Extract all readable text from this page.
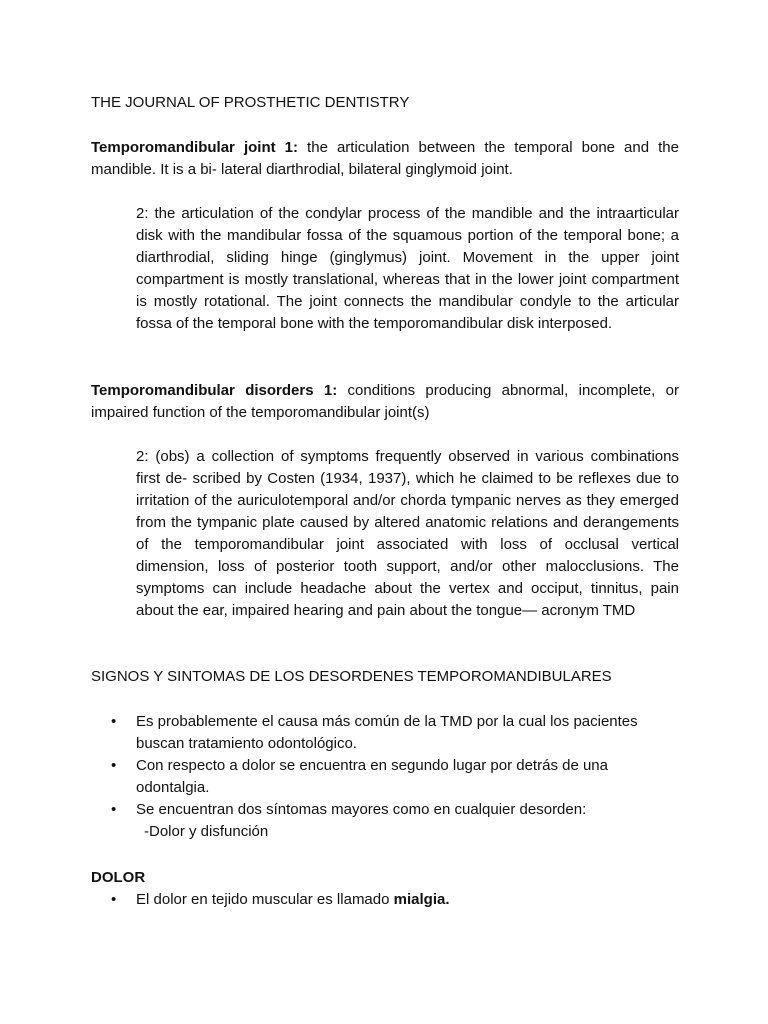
THE JOURNAL OF PROSTHETIC DENTISTRY

Temporomandibular joint 1: the articulation between the temporal bone and the mandible. It is a bi- lateral diarthrodial, bilateral ginglymoid joint.

2: the articulation of the condylar process of the mandible and the intraarticular disk with the mandibular fossa of the squamous portion of the temporal bone; a diarthrodial, sliding hinge (ginglymus) joint. Movement in the upper joint compartment is mostly translational, whereas that in the lower joint compartment is mostly rotational. The joint connects the mandibular condyle to the articular fossa of the temporal bone with the temporomandibular disk interposed.

Temporomandibular disorders 1: conditions producing abnormal, incomplete, or impaired function of the temporomandibular joint(s)

2: (obs) a collection of symptoms frequently observed in various combinations first de- scribed by Costen (1934, 1937), which he claimed to be reflexes due to irritation of the auriculotemporal and/or chorda tympanic nerves as they emerged from the tympanic plate caused by altered anatomic relations and derangements of the temporomandibular joint associated with loss of occlusal vertical dimension, loss of posterior tooth support, and/or other malocclusions. The symptoms can include headache about the vertex and occiput, tinnitus, pain about the ear, impaired hearing and pain about the tongue— acronym TMD

SIGNOS Y SINTOMAS DE LOS DESORDENES TEMPOROMANDIBULARES

• Es probablemente el causa más común de la TMD por la cual los pacientes buscan tratamiento odontológico.
• Con respecto a dolor se encuentra en segundo lugar por detrás de una odontalgia.
• Se encuentran dos síntomas mayores como en cualquier desorden:
-Dolor y disfunción

DOLOR

• El dolor en tejido muscular es llamado mialgia.
